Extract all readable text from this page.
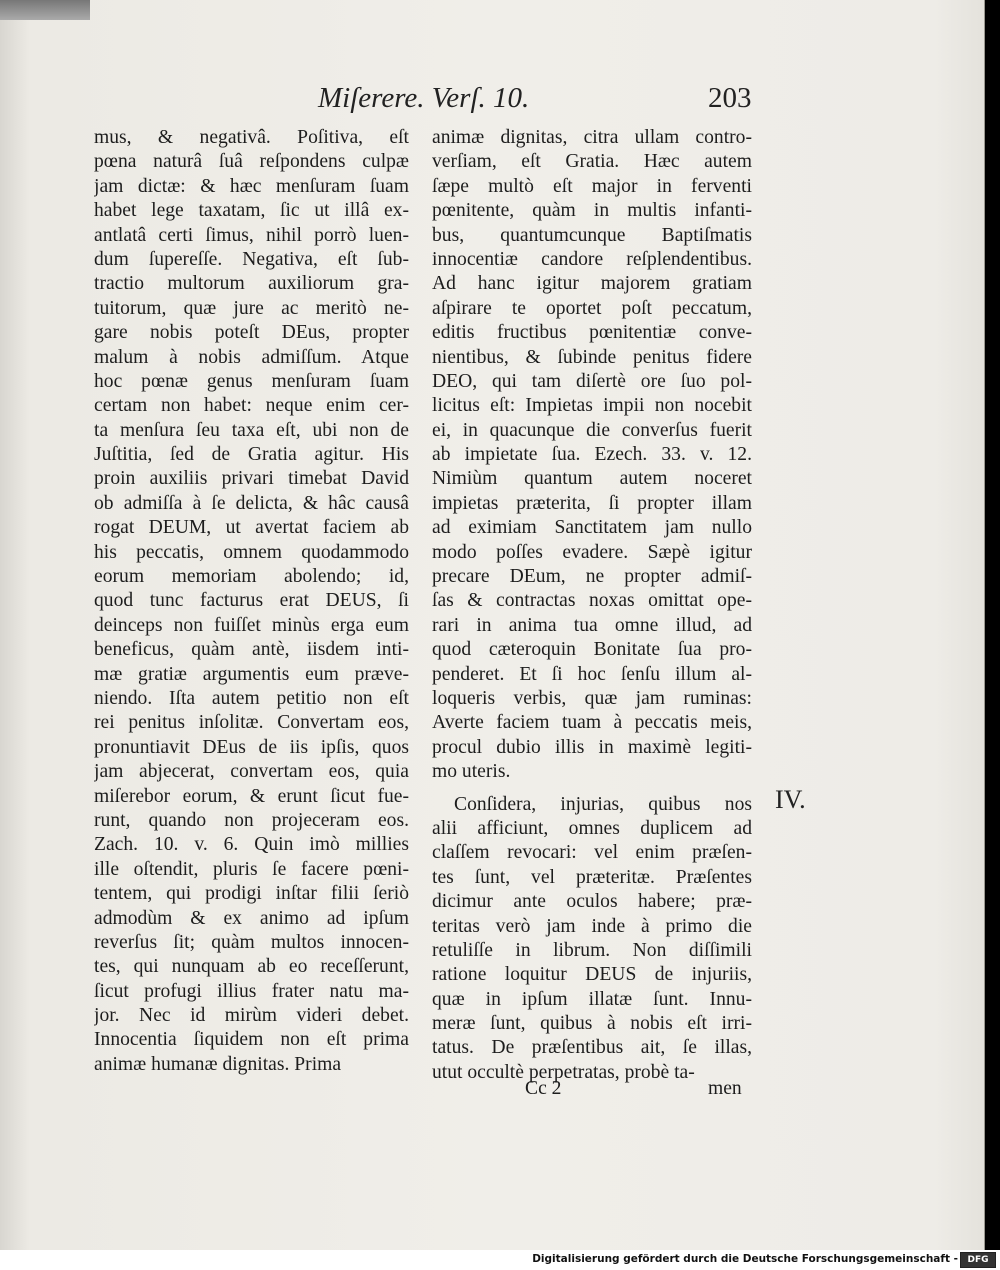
Miſerere. Verſ. 10.	203
mus, & negativâ. Poſitiva, eſt
pœna naturâ ſuâ reſpondens culpæ
jam dictæ: & hæc menſuram ſuam
habet lege taxatam, ſic ut illâ ex-
antlatâ certi ſimus, nihil porrò luen-
dum ſupereſſe. Negativa, eſt ſub-
tractio multorum auxiliorum gra-
tuitorum, quæ jure ac meritò ne-
gare nobis poteſt DEus, propter
malum à nobis admiſſum. Atque
hoc pœnæ genus menſuram ſuam
certam non habet: neque enim cer-
ta menſura ſeu taxa eſt, ubi non de
Juſtitia, ſed de Gratia agitur. His
proin auxiliis privari timebat David
ob admiſſa à ſe delicta, & hâc causâ
rogat DEUM, ut avertat faciem ab
his peccatis, omnem quodammodo
eorum memoriam abolendo; id,
quod tunc facturus erat DEUS, ſi
deinceps non fuiſſet minùs erga eum
beneficus, quàm antè, iisdem inti-
mæ gratiæ argumentis eum præve-
niendo. Iſta autem petitio non eſt
rei penitus inſolitæ. Convertam eos,
pronuntiavit DEus de iis ipſis, quos
jam abjecerat, convertam eos, quia
miſerebor eorum, & erunt ſicut fue-
runt, quando non projeceram eos.
Zach. 10. v. 6. Quin imò millies
ille oſtendit, pluris ſe facere pœni-
tentem, qui prodigi inſtar filii ſeriò
admodùm & ex animo ad ipſum
reverſus ſit; quàm multos innocen-
tes, qui nunquam ab eo receſſerunt,
ſicut profugi illius frater natu ma-
jor. Nec id mirùm videri debet.
Innocentia ſiquidem non eſt prima
animæ humanæ dignitas. Prima
animæ dignitas, citra ullam contro-
verſiam, eſt Gratia. Hæc autem
ſæpe multò eſt major in ferventi
pœnitente, quàm in multis infanti-
bus, quantumcunque Baptiſmatis
innocentiæ candore reſplendentibus.
Ad hanc igitur majorem gratiam
aſpirare te oportet poſt peccatum,
editis fructibus pœnitentiæ conve-
nientibus, & ſubinde penitus fidere
DEO, qui tam diſertè ore ſuo pol-
licitus eſt: Impietas impii non nocebit
ei, in quacunque die converſus fuerit
ab impietate ſua. Ezech. 33. v. 12.
Nimiùm quantum autem noceret
impietas præterita, ſi propter illam
ad eximiam Sanctitatem jam nullo
modo poſſes evadere. Sæpè igitur
precare DEum, ne propter admiſ-
ſas & contractas noxas omittat ope-
rari in anima tua omne illud, ad
quod cæteroquin Bonitate ſua pro-
penderet. Et ſi hoc ſenſu illum al-
loqueris verbis, quæ jam ruminas:
Averte faciem tuam à peccatis meis,
procul dubio illis in maximè legiti-
mo uteris.
Conſidera, injurias, quibus nos
alii afficiunt, omnes duplicem ad
claſſem revocari: vel enim præſen-
tes ſunt, vel præteritæ. Præſentes
dicimur ante oculos habere; præ-
teritas verò jam inde à primo die
retuliſſe in librum. Non diſſimili
ratione loquitur DEUS de injuriis,
quæ in ipſum illatæ ſunt. Innu-
meræ ſunt, quibus à nobis eſt irri-
tatus. De præſentibus ait, ſe illas,
utut occultè perpetratas, probè ta-
IV.
Cc 2	men
Digitalisierung gefördert durch die Deutsche Forschungsgemeinschaft -	DFG
